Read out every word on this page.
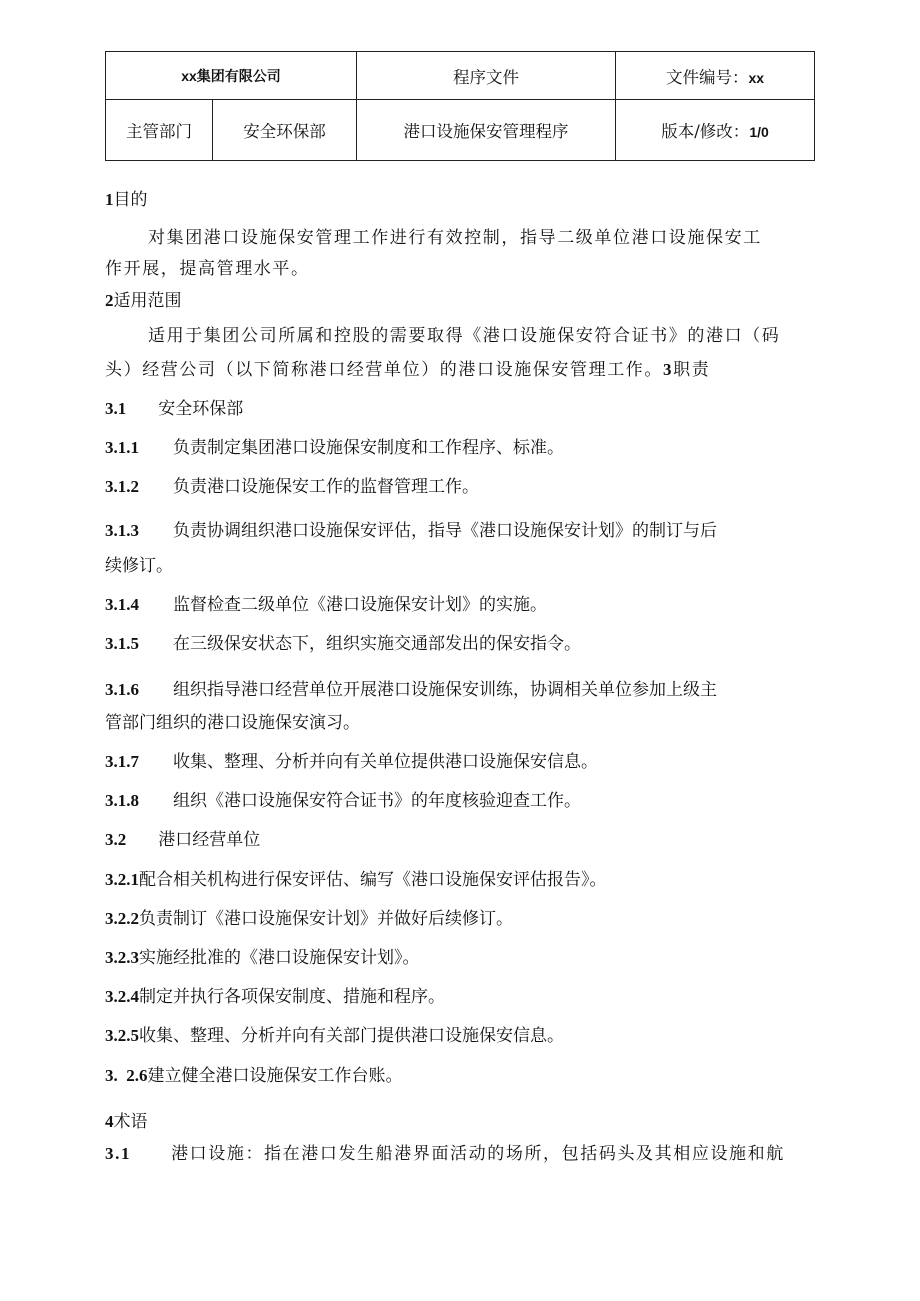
xx集团有限公司		程序文件	文件编号：xx
主管部门	安全环保部	港口设施保安管理程序	版本/修改：1/0
1目的
对集团港口设施保安管理工作进行有效控制，指导二级单位港口设施保安工
作开展，提高管理水平。
2适用范围
适用于集团公司所属和控股的需要取得《港口设施保安符合证书》的港口（码
头）经营公司（以下简称港口经营单位）的港口设施保安管理工作。3职责
3.1 安全环保部
3.1.1 负责制定集团港口设施保安制度和工作程序、标准。
3.1.2 负责港口设施保安工作的监督管理工作。
3.1.3 负责协调组织港口设施保安评估，指导《港口设施保安计划》的制订与后
续修订。
3.1.4 监督检查二级单位《港口设施保安计划》的实施。
3.1.5 在三级保安状态下，组织实施交通部发出的保安指令。
3.1.6 组织指导港口经营单位开展港口设施保安训练，协调相关单位参加上级主
管部门组织的港口设施保安演习。
3.1.7 收集、整理、分析并向有关单位提供港口设施保安信息。
3.1.8 组织《港口设施保安符合证书》的年度核验迎查工作。
3.2 港口经营单位
3.2.1配合相关机构进行保安评估、编写《港口设施保安评估报告》。
3.2.2负责制订《港口设施保安计划》并做好后续修订。
3.2.3实施经批准的《港口设施保安计划》。
3.2.4制定并执行各项保安制度、措施和程序。
3.2.5收集、整理、分析并向有关部门提供港口设施保安信息。
3.  2.6建立健全港口设施保安工作台账。
4术语
3.1 港口设施：指在港口发生船港界面活动的场所，包括码头及其相应设施和航
